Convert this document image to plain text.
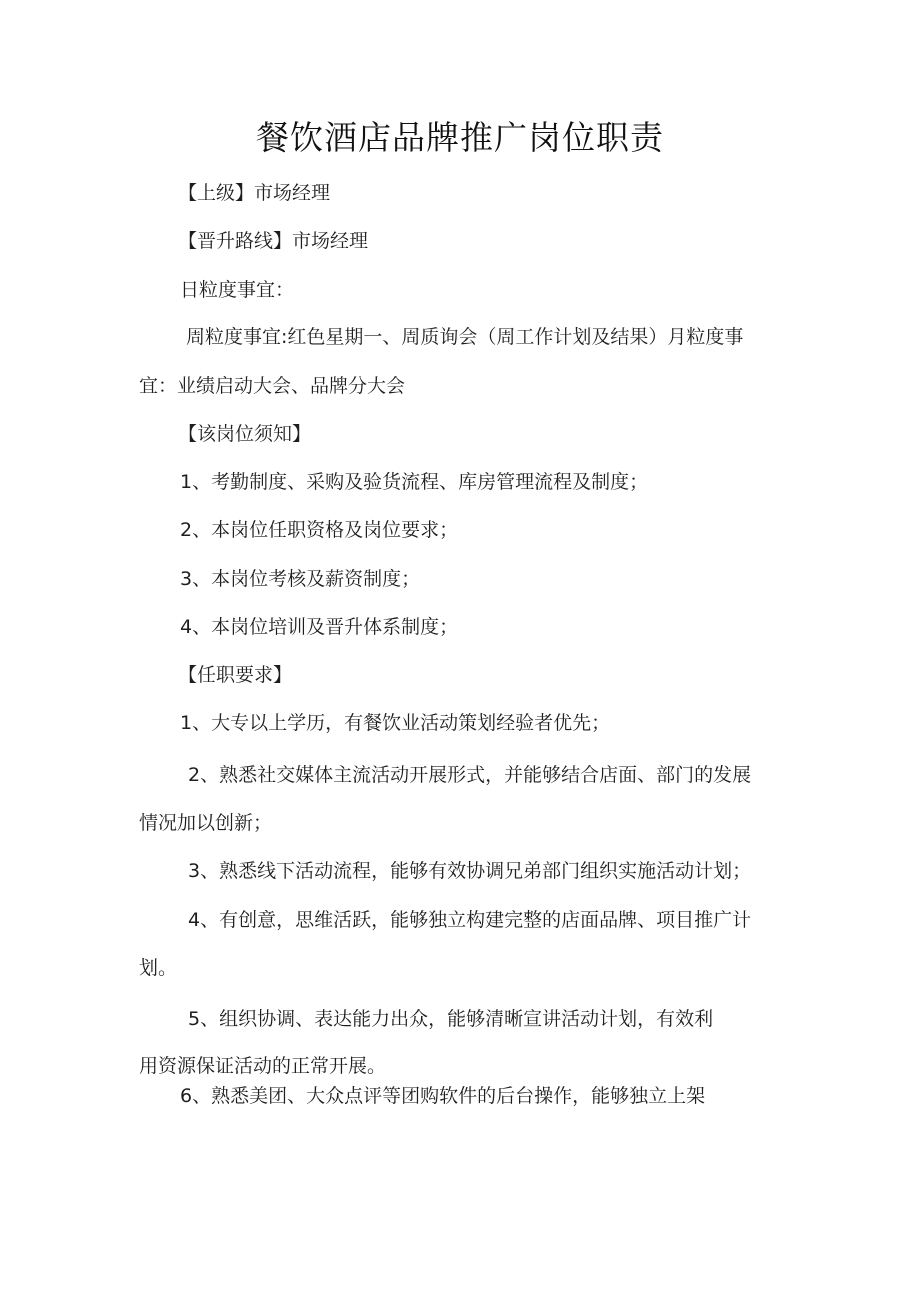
餐饮酒店品牌推广岗位职责
【上级】市场经理
【晋升路线】市场经理
日粒度事宜：
周粒度事宜:红色星期一、周质询会（周工作计划及结果）月粒度事
宜：业绩启动大会、品牌分大会
【该岗位须知】
1、考勤制度、采购及验货流程、库房管理流程及制度；
2、本岗位任职资格及岗位要求；
3、本岗位考核及薪资制度；
4、本岗位培训及晋升体系制度；
【任职要求】
1、大专以上学历，有餐饮业活动策划经验者优先；
2、熟悉社交媒体主流活动开展形式，并能够结合店面、部门的发展
情况加以创新；
3、熟悉线下活动流程，能够有效协调兄弟部门组织实施活动计划；
4、有创意，思维活跃，能够独立构建完整的店面品牌、项目推广计
划。
5、组织协调、表达能力出众，能够清晰宣讲活动计划，有效利
用资源保证活动的正常开展。
6、熟悉美团、大众点评等团购软件的后台操作，能够独立上架
